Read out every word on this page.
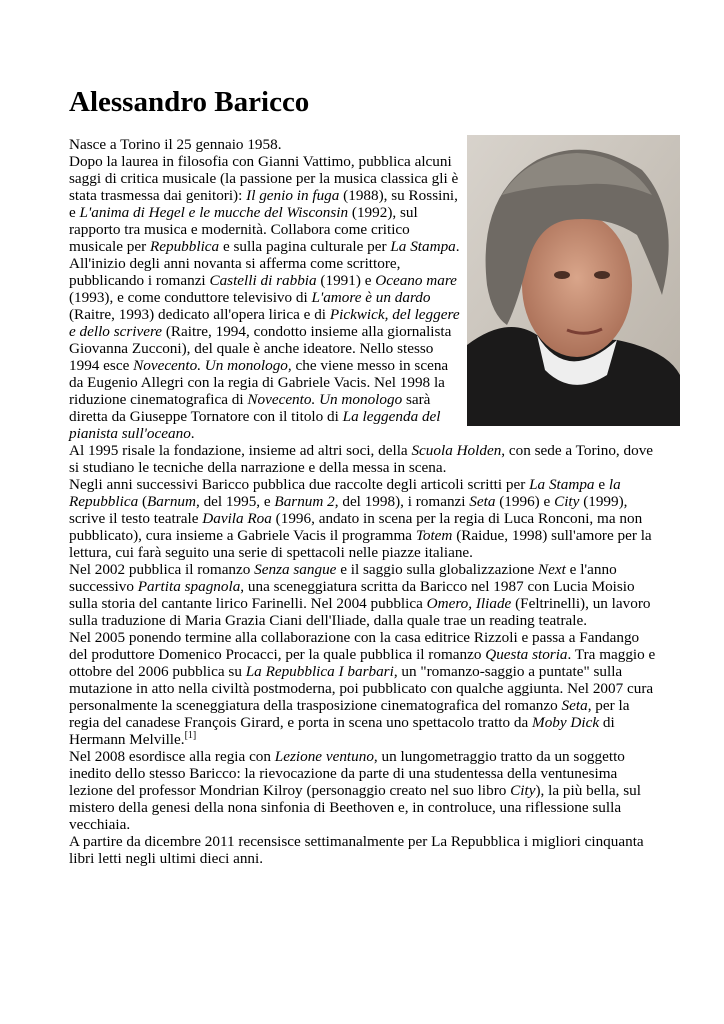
Alessandro Baricco

Nasce a Torino il 25 gennaio 1958.

Dopo la laurea in filosofia con Gianni Vattimo, pubblica alcuni saggi di critica musicale (la passione per la musica classica gli è stata trasmessa dai genitori): Il genio in fuga (1988), su Rossini, e L'anima di Hegel e le mucche del Wisconsin (1992), sul rapporto tra musica e modernità. Collabora come critico musicale per Repubblica e sulla pagina culturale per La Stampa.

All'inizio degli anni novanta si afferma come scrittore, pubblicando i romanzi Castelli di rabbia (1991) e Oceano mare (1993), e come conduttore televisivo di L'amore è un dardo (Raitre, 1993) dedicato all'opera lirica e di Pickwick, del leggere e dello scrivere (Raitre, 1994, condotto insieme alla giornalista Giovanna Zucconi), del quale è anche ideatore. Nello stesso 1994 esce Novecento. Un monologo, che viene messo in scena da Eugenio Allegri con la regia di Gabriele Vacis. Nel 1998 la riduzione cinematografica di Novecento. Un monologo sarà diretta da Giuseppe Tornatore con il titolo di La leggenda del pianista sull'oceano.

Al 1995 risale la fondazione, insieme ad altri soci, della Scuola Holden, con sede a Torino, dove si studiano le tecniche della narrazione e della messa in scena.

Negli anni successivi Baricco pubblica due raccolte degli articoli scritti per La Stampa e la Repubblica (Barnum, del 1995, e Barnum 2, del 1998), i romanzi Seta (1996) e City (1999), scrive il testo teatrale Davila Roa (1996, andato in scena per la regia di Luca Ronconi, ma non pubblicato), cura insieme a Gabriele Vacis il programma Totem (Raidue, 1998) sull'amore per la lettura, cui farà seguito una serie di spettacoli nelle piazze italiane.

Nel 2002 pubblica il romanzo Senza sangue e il saggio sulla globalizzazione Next e l'anno successivo Partita spagnola, una sceneggiatura scritta da Baricco nel 1987 con Lucia Moisio sulla storia del cantante lirico Farinelli. Nel 2004 pubblica Omero, Iliade (Feltrinelli), un lavoro sulla traduzione di Maria Grazia Ciani dell'Iliade, dalla quale trae un reading teatrale.

Nel 2005 ponendo termine alla collaborazione con la casa editrice Rizzoli e passa a Fandango del produttore Domenico Procacci, per la quale pubblica il romanzo Questa storia. Tra maggio e ottobre del 2006 pubblica su La Repubblica I barbari, un "romanzo-saggio a puntate" sulla mutazione in atto nella civiltà postmoderna, poi pubblicato con qualche aggiunta. Nel 2007 cura personalmente la sceneggiatura della trasposizione cinematografica del romanzo Seta, per la regia del canadese François Girard, e porta in scena uno spettacolo tratto da Moby Dick di Hermann Melville.[1]

Nel 2008 esordisce alla regia con Lezione ventuno, un lungometraggio tratto da un soggetto inedito dello stesso Baricco: la rievocazione da parte di una studentessa della ventunesima lezione del professor Mondrian Kilroy (personaggio creato nel suo libro City), la più bella, sul mistero della genesi della nona sinfonia di Beethoven e, in controluce, una riflessione sulla vecchiaia.

A partire da dicembre 2011 recensisce settimanalmente per La Repubblica i migliori cinquanta libri letti negli ultimi dieci anni.
